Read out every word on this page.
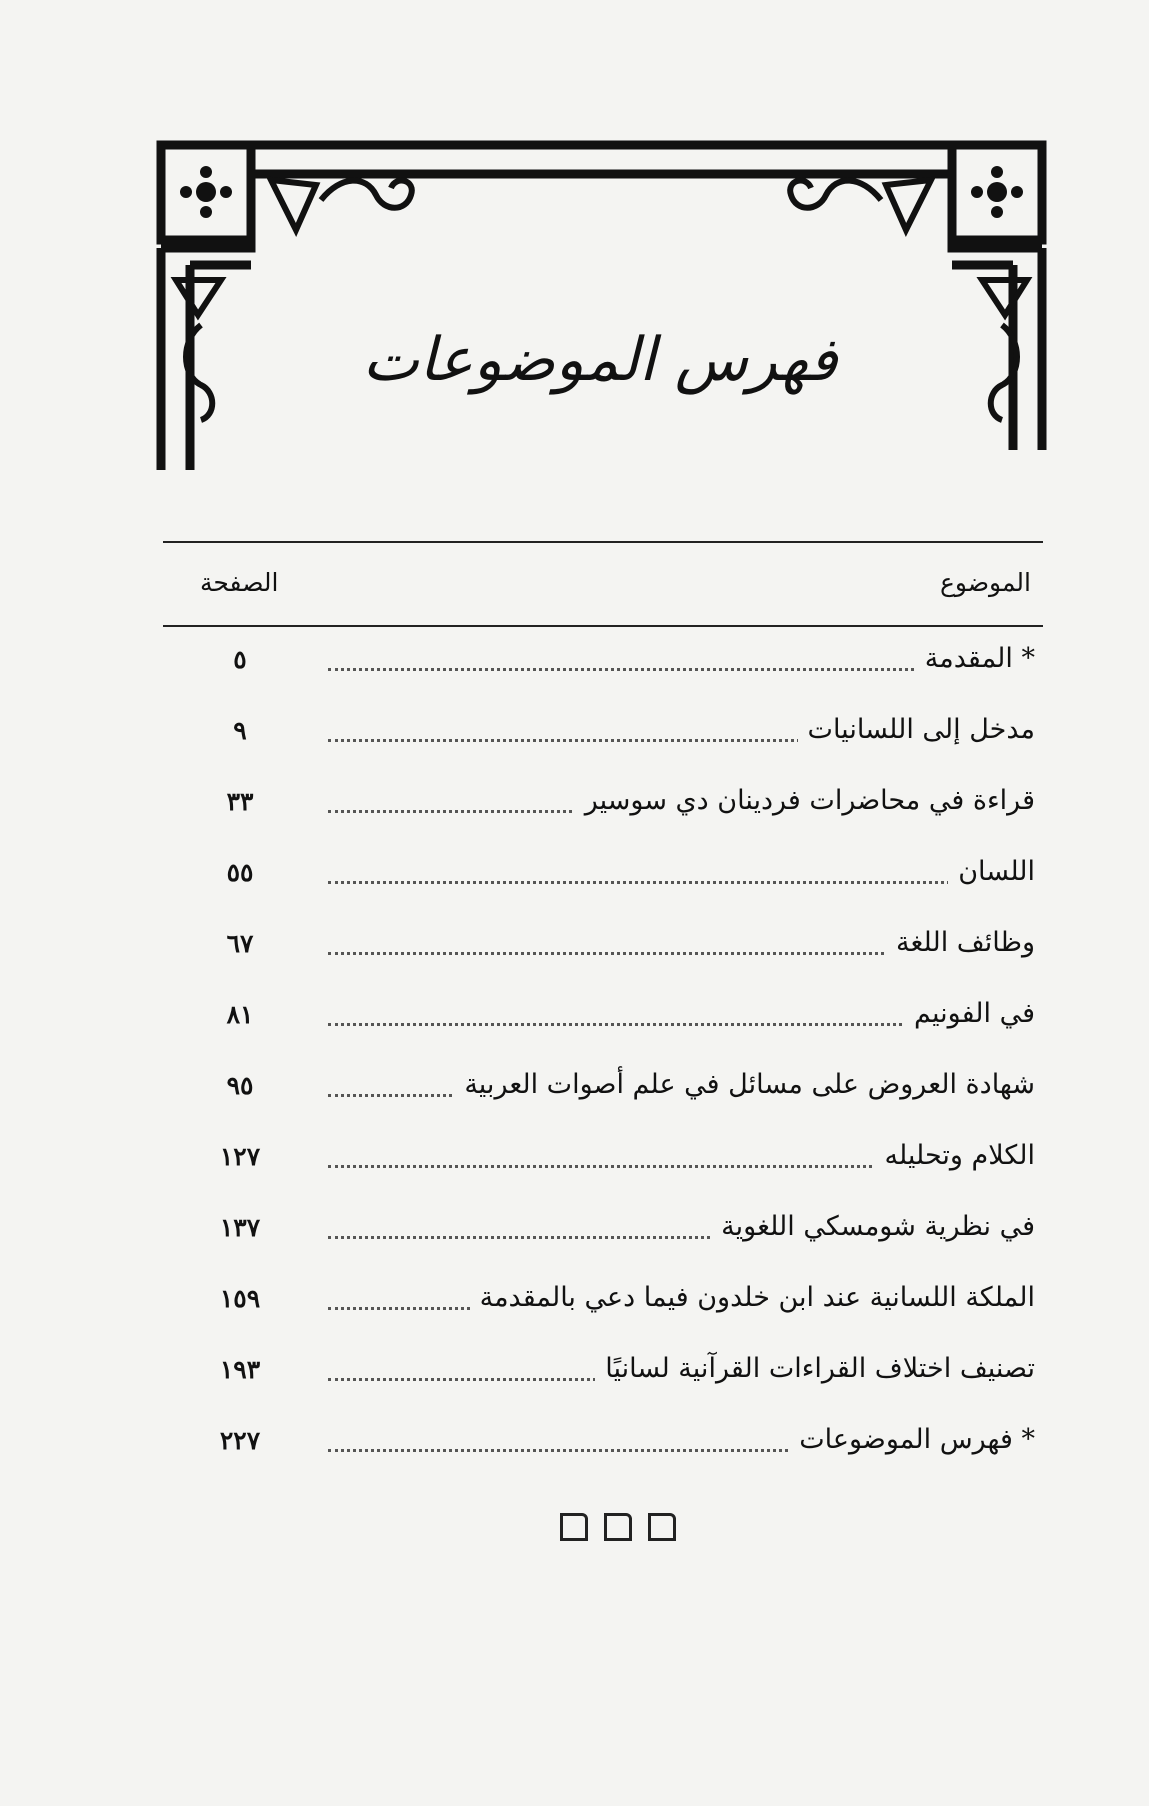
فهرس الموضوعات
الموضوع
الصفحة
* المقدمة
٥
مدخل إلى اللسانيات
٩
قراءة في محاضرات فردينان دي سوسير
٣٣
اللسان
٥٥
وظائف اللغة
٦٧
في الفونيم
٨١
شهادة العروض على مسائل في علم أصوات العربية
٩٥
الكلام وتحليله
١٢٧
في نظرية شومسكي اللغوية
١٣٧
الملكة اللسانية عند ابن خلدون فيما دعي بالمقدمة
١٥٩
تصنيف اختلاف القراءات القرآنية لسانيًا
١٩٣
* فهرس الموضوعات
٢٢٧
